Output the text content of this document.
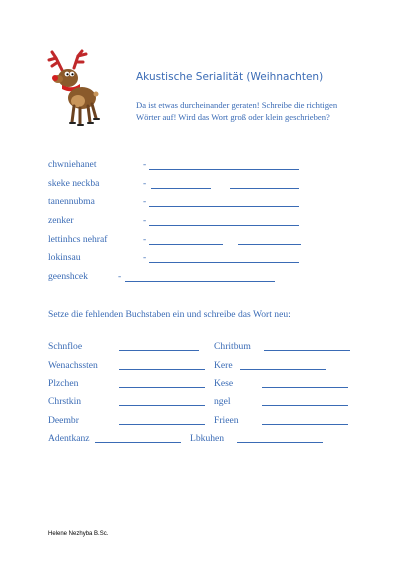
Akustische Serialität (Weihnachten)
Da ist etwas durcheinander geraten! Schreibe die richtigen Wörter auf! Wird das Wort groß oder klein geschrieben?
chwniehanet	-
skeke neckba	-
tanennubma	-
zenker	-
lettinhcs nehraf	-
lokinsau	-
geenshcek	-
Setze die fehlenden Buchstaben ein und schreibe das Wort neu:
Schnfloe	Chritbum
Wenachssten	Kere
Plzchen	Kese
Chrstkin	ngel
Deembr	Frieen
Adentkanz	Lbkuhen
Helene Nezhyba B.Sc.
